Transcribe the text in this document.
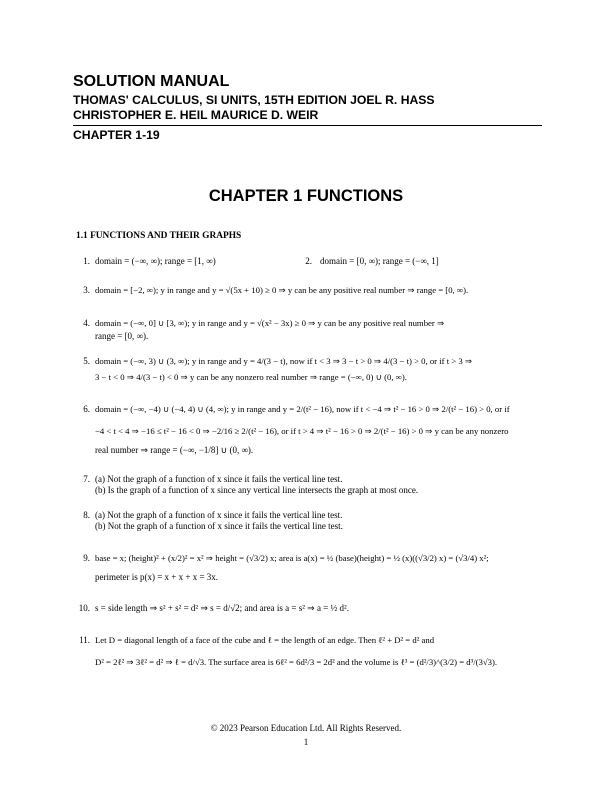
SOLUTION MANUAL
THOMAS' CALCULUS, SI UNITS, 15TH EDITION JOEL R. HASS
CHRISTOPHER E. HEIL MAURICE D. WEIR
CHAPTER 1-19
CHAPTER 1 FUNCTIONS
1.1 FUNCTIONS AND THEIR GRAPHS
1. domain = (−∞, ∞); range = [1, ∞)	2. domain = [0, ∞); range = (−∞, 1]
3. domain = [−2, ∞); y in range and y = √(5x + 10) ≥ 0 ⇒ y can be any positive real number ⇒ range = [0, ∞).
4. domain = (−∞, 0] ∪ [3, ∞); y in range and y = √(x² − 3x) ≥ 0 ⇒ y can be any positive real number ⇒
range = [0, ∞).
5. domain = (−∞, 3) ∪ (3, ∞); y in range and y = 4/(3 − t), now if t < 3 ⇒ 3 − t > 0 ⇒ 4/(3 − t) > 0, or if t > 3 ⇒
3 − t < 0 ⇒ 4/(3 − t) < 0 ⇒ y can be any nonzero real number ⇒ range = (−∞, 0) ∪ (0, ∞).
6. domain = (−∞, −4) ∪ (−4, 4) ∪ (4, ∞); y in range and y = 2/(t² − 16), now if t < −4 ⇒ t² − 16 > 0 ⇒ 2/(t² − 16) > 0, or if
−4 < t < 4 ⇒ −16 ≤ t² − 16 < 0 ⇒ −2/16 ≥ 2/(t² − 16), or if t > 4 ⇒ t² − 16 > 0 ⇒ 2/(t² − 16) > 0 ⇒ y can be any nonzero
real number ⇒ range = (−∞, −1/8] ∪ (0, ∞).
7. (a) Not the graph of a function of x since it fails the vertical line test.
(b) Is the graph of a function of x since any vertical line intersects the graph at most once.
8. (a) Not the graph of a function of x since it fails the vertical line test.
(b) Not the graph of a function of x since it fails the vertical line test.
9. base = x; (height)² + (x/2)² = x² ⇒ height = (√3/2) x; area is a(x) = ½ (base)(height) = ½ (x)((√3/2) x) = (√3/4) x²;
perimeter is p(x) = x + x + x = 3x.
10. s = side length ⇒ s² + s² = d² ⇒ s = d/√2; and area is a = s² ⇒ a = ½ d².
11. Let D = diagonal length of a face of the cube and ℓ = the length of an edge. Then ℓ² + D² = d² and
D² = 2ℓ² ⇒ 3ℓ² = d² ⇒ ℓ = d/√3. The surface area is 6ℓ² = 6d²/3 = 2d² and the volume is ℓ³ = (d²/3)^(3/2) = d³/(3√3).
© 2023 Pearson Education Ltd. All Rights Reserved.
1
